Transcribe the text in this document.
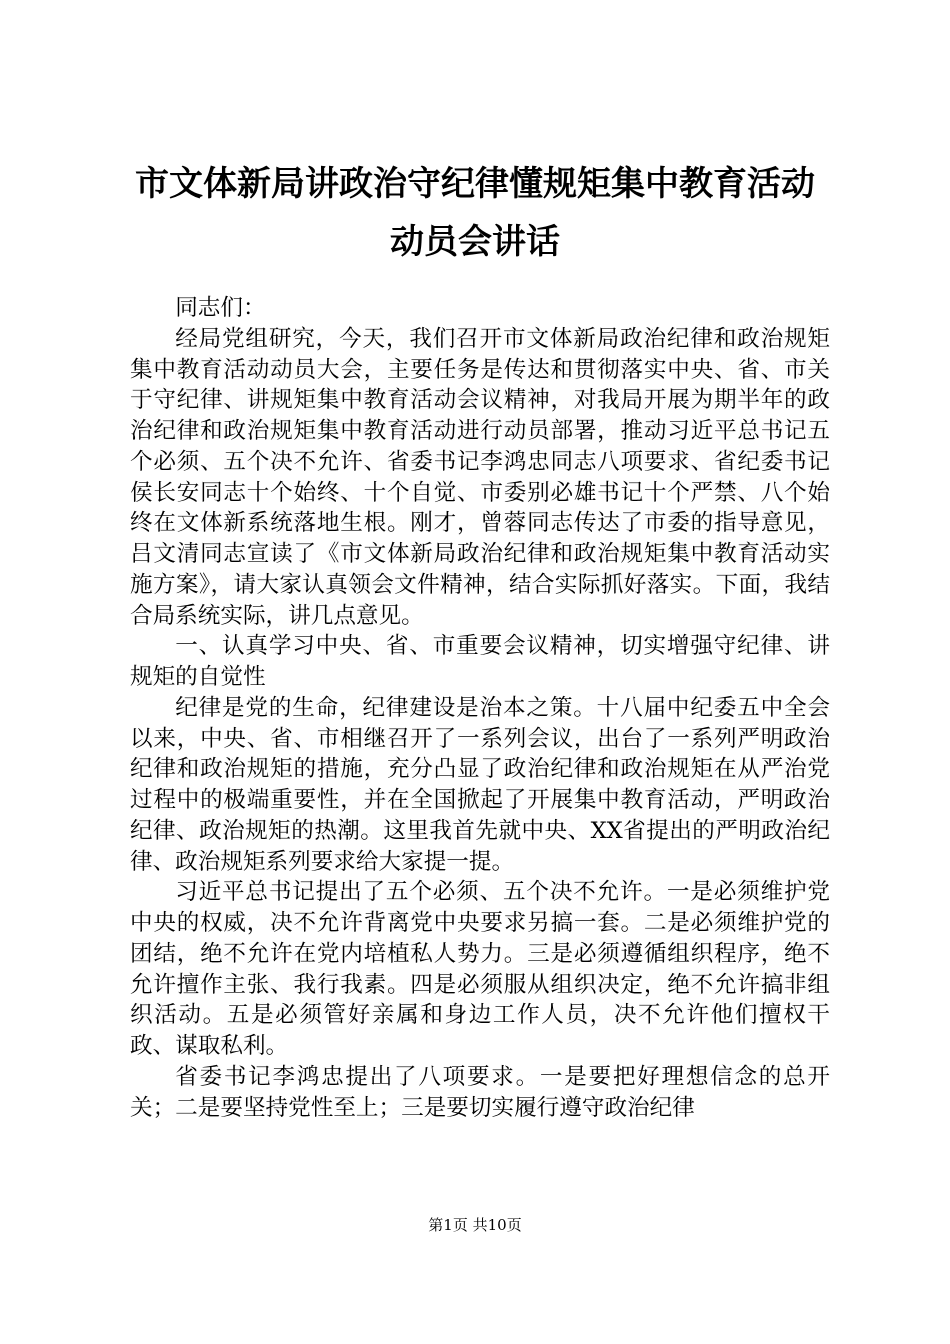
市文体新局讲政治守纪律懂规矩集中教育活动
动员会讲话

同志们：

经局党组研究，今天，我们召开市文体新局政治纪律和政治规矩集中教育活动动员大会，主要任务是传达和贯彻落实中央、省、市关于守纪律、讲规矩集中教育活动会议精神，对我局开展为期半年的政治纪律和政治规矩集中教育活动进行动员部署，推动习近平总书记五个必须、五个决不允许、省委书记李鸿忠同志八项要求、省纪委书记侯长安同志十个始终、十个自觉、市委别必雄书记十个严禁、八个始终在文体新系统落地生根。刚才，曾蓉同志传达了市委的指导意见，吕文清同志宣读了《市文体新局政治纪律和政治规矩集中教育活动实施方案》，请大家认真领会文件精神，结合实际抓好落实。下面，我结合局系统实际，讲几点意见。

一、认真学习中央、省、市重要会议精神，切实增强守纪律、讲规矩的自觉性

纪律是党的生命，纪律建设是治本之策。十八届中纪委五中全会以来，中央、省、市相继召开了一系列会议，出台了一系列严明政治纪律和政治规矩的措施，充分凸显了政治纪律和政治规矩在从严治党过程中的极端重要性，并在全国掀起了开展集中教育活动，严明政治纪律、政治规矩的热潮。这里我首先就中央、XX省提出的严明政治纪律、政治规矩系列要求给大家提一提。

习近平总书记提出了五个必须、五个决不允许。一是必须维护党中央的权威，决不允许背离党中央要求另搞一套。二是必须维护党的团结，绝不允许在党内培植私人势力。三是必须遵循组织程序，绝不允许擅作主张、我行我素。四是必须服从组织决定，绝不允许搞非组织活动。五是必须管好亲属和身边工作人员，决不允许他们擅权干政、谋取私利。

省委书记李鸿忠提出了八项要求。一是要把好理想信念的总开关；二是要坚持党性至上；三是要切实履行遵守政治纪律

第1页 共10页
